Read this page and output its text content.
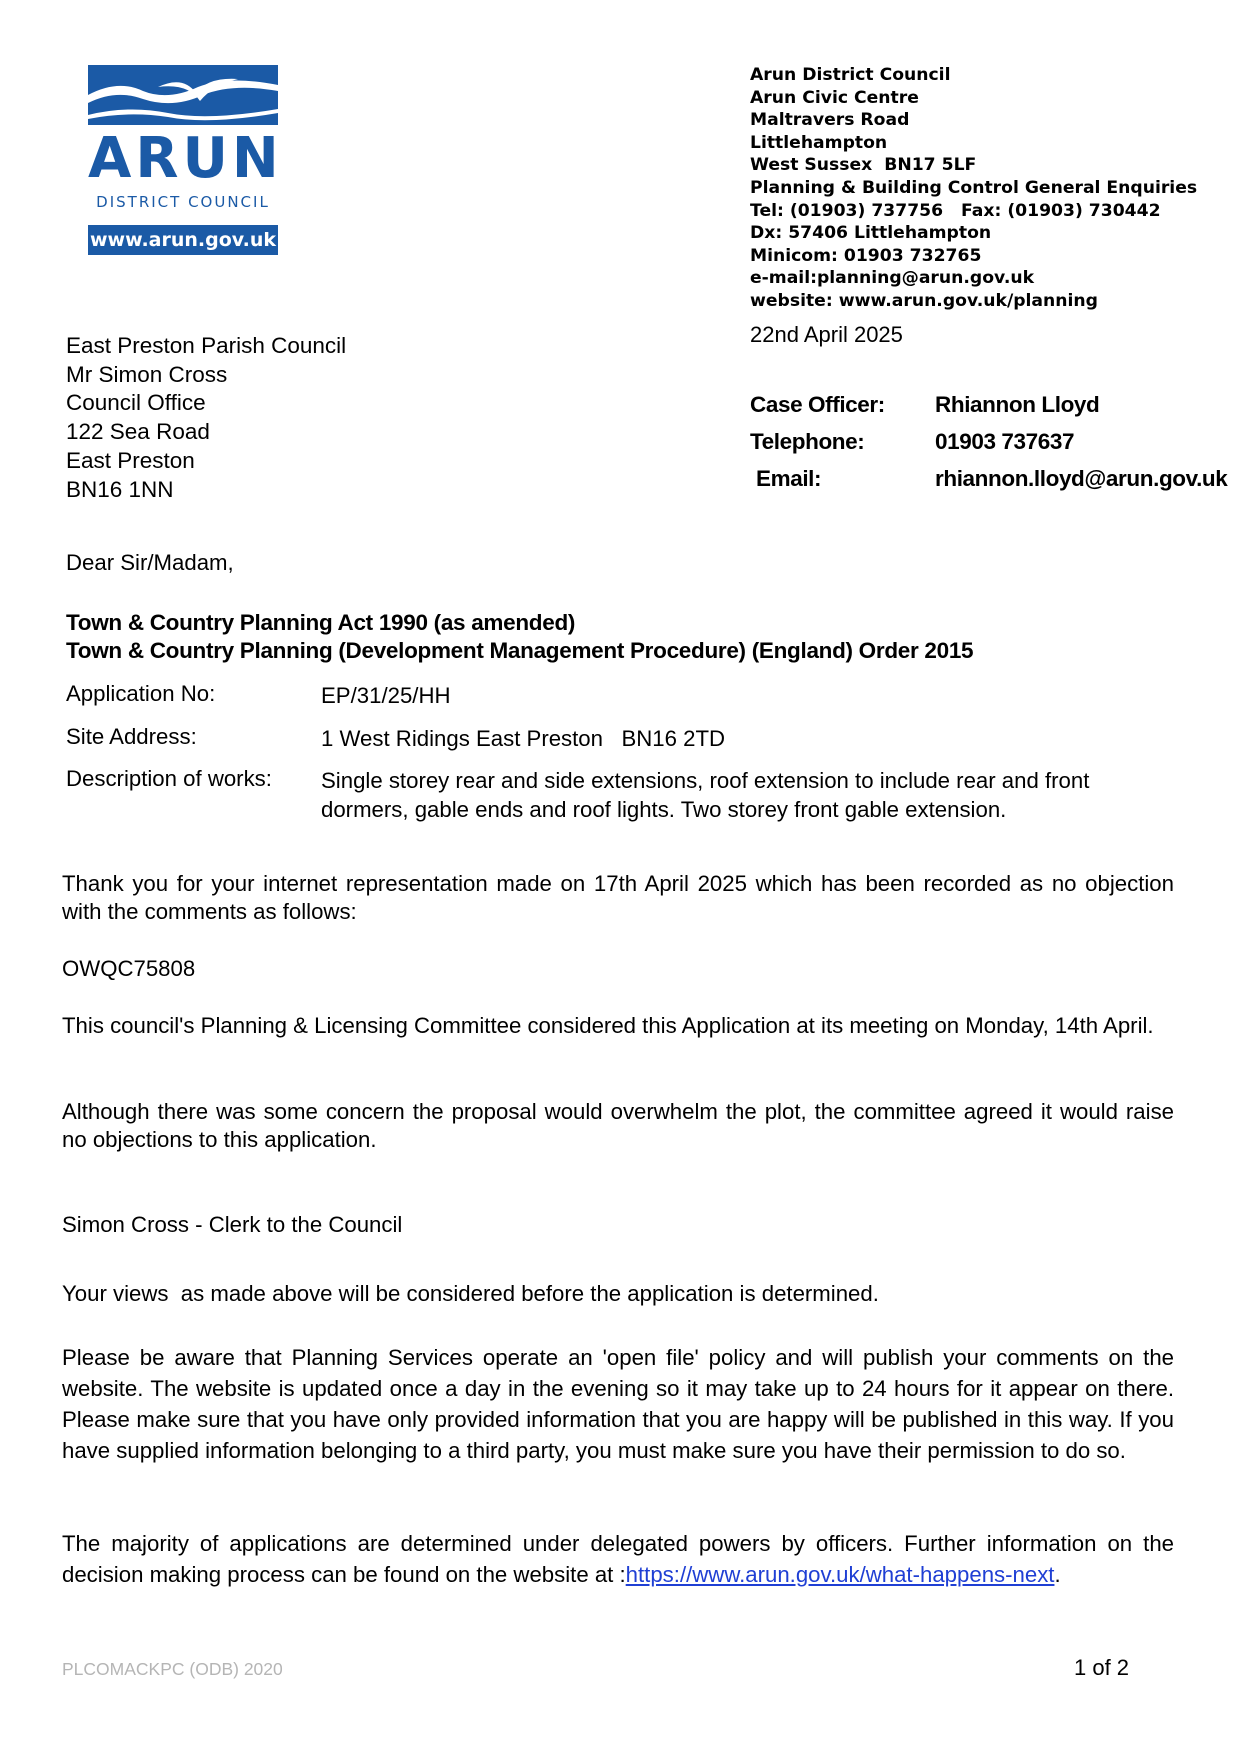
ARUN
DISTRICT COUNCIL
www.arun.gov.uk
Arun District Council
Arun Civic Centre
Maltravers Road
Littlehampton
West Sussex  BN17 5LF
Planning & Building Control General Enquiries
Tel: (01903) 737756   Fax: (01903) 730442
Dx: 57406 Littlehampton
Minicom: 01903 732765
e-mail:planning@arun.gov.uk
website: www.arun.gov.uk/planning
22nd April 2025
East Preston Parish Council
Mr Simon Cross
Council Office
122 Sea Road
East Preston
BN16 1NN
Case Officer: Rhiannon Lloyd
Telephone:	01903 737637
Email:	rhiannon.lloyd@arun.gov.uk
Dear Sir/Madam,
Town & Country Planning Act 1990 (as amended)
Town & Country Planning (Development Management Procedure) (England) Order 2015
Application No:	EP/31/25/HH
Site Address:	1 West Ridings East Preston   BN16 2TD
Description of works: Single storey rear and side extensions, roof extension to include rear and front dormers, gable ends and roof lights. Two storey front gable extension.
Thank you for your internet representation made on 17th April 2025 which has been recorded as no objection with the comments as follows:
OWQC75808
This council's Planning & Licensing Committee considered this Application at its meeting on Monday, 14th April.
Although there was some concern the proposal would overwhelm the plot, the committee agreed it would raise no objections to this application.
Simon Cross - Clerk to the Council
Your views  as made above will be considered before the application is determined.
Please be aware that Planning Services operate an 'open file' policy and will publish your comments on the website. The website is updated once a day in the evening so it may take up to 24 hours for it appear on there. Please make sure that you have only provided information that you are happy will be published in this way. If you have supplied information belonging to a third party, you must make sure you have their permission to do so.
The majority of applications are determined under delegated powers by officers. Further information on the decision making process can be found on the website at :https://www.arun.gov.uk/what-happens-next.
PLCOMACKPC (ODB) 2020	1 of 2
